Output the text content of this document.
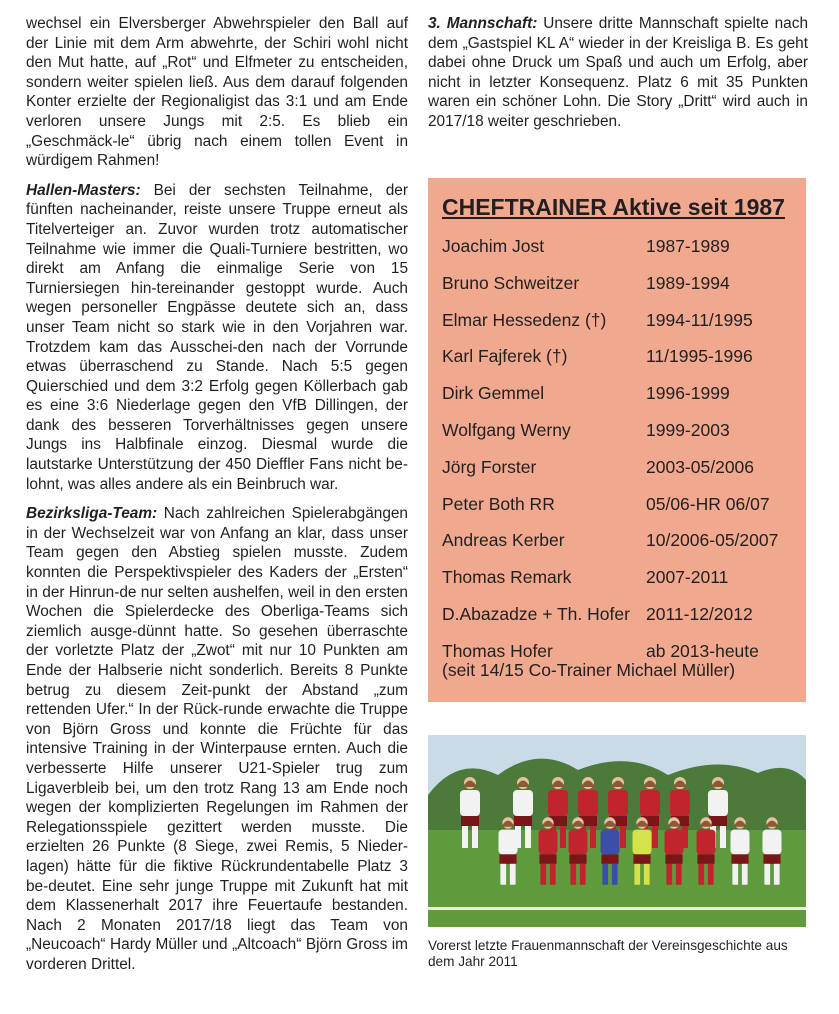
wechsel ein Elversberger Abwehrspieler den Ball auf der Linie mit dem Arm abwehrte, der Schiri wohl nicht den Mut hatte, auf „Rot“ und Elfmeter zu entscheiden, sondern weiter spielen ließ. Aus dem darauf folgenden Konter erzielte der Regionaligist das 3:1 und am Ende verloren unsere Jungs mit 2:5. Es blieb ein „Geschmäck-le“ übrig nach einem tollen Event in würdigem Rahmen!

Hallen-Masters: Bei der sechsten Teilnahme, der fünften nacheinander, reiste unsere Truppe erneut als Titelverteiger an. Zuvor wurden trotz automatischer Teilnahme wie immer die Quali-Turniere bestritten, wo direkt am Anfang die einmalige Serie von 15 Turniersiegen hin-tereinander gestoppt wurde. Auch wegen personeller Engpässe deutete sich an, dass unser Team nicht so stark wie in den Vorjahren war. Trotzdem kam das Ausschei-den nach der Vorrunde etwas überraschend zu Stande. Nach 5:5 gegen Quierschied und dem 3:2 Erfolg gegen Köllerbach gab es eine 3:6 Niederlage gegen den VfB Dillingen, der dank des besseren Torverhältnisses gegen unsere Jungs ins Halbfinale einzog. Diesmal wurde die lautstarke Unterstützung der 450 Dieffler Fans nicht be-lohnt, was alles andere als ein Beinbruch war.

Bezirksliga-Team: Nach zahlreichen Spielerabgängen in der Wechselzeit war von Anfang an klar, dass unser Team gegen den Abstieg spielen musste. Zudem konnten die Perspektivspieler des Kaders der „Ersten“ in der Hinrun-de nur selten aushelfen, weil in den ersten Wochen die Spielerdecke des Oberliga-Teams sich ziemlich ausge-dünnt hatte. So gesehen überraschte der vorletzte Platz der „Zwot“ mit nur 10 Punkten am Ende der Halbserie nicht sonderlich. Bereits 8 Punkte betrug zu diesem Zeit-punkt der Abstand „zum rettenden Ufer.“ In der Rück-runde erwachte die Truppe von Björn Gross und konnte die Früchte für das intensive Training in der Winterpause ernten. Auch die verbesserte Hilfe unserer U21-Spieler trug zum Ligaverbleib bei, um den trotz Rang 13 am Ende noch wegen der komplizierten Regelungen im Rahmen der Relegationsspiele gezittert werden musste. Die erzielten 26 Punkte (8 Siege, zwei Remis, 5 Nieder-lagen) hätte für die fiktive Rückrundentabelle Platz 3 be-deutet. Eine sehr junge Truppe mit Zukunft hat mit dem Klassenerhalt 2017 ihre Feuertaufe bestanden. Nach 2 Monaten 2017/18 liegt das Team von „Neucoach“ Hardy Müller und „Altcoach“ Björn Gross im vorderen Drittel.

3. Mannschaft: Unsere dritte Mannschaft spielte nach dem „Gastspiel KL A“ wieder in der Kreisliga B. Es geht dabei ohne Druck um Spaß und auch um Erfolg, aber nicht in letzter Konsequenz. Platz 6 mit 35 Punkten waren ein schöner Lohn. Die Story „Dritt“ wird auch in 2017/18 weiter geschrieben.

CHEFTRAINER Aktive seit 1987
Joachim Jost	1987-1989
Bruno Schweitzer	1989-1994
Elmar Hessedenz (†)	1994-11/1995
Karl Fajferek (†)	11/1995-1996
Dirk Gemmel	1996-1999
Wolfgang Werny	1999-2003
Jörg Forster	2003-05/2006
Peter Both RR	05/06-HR 06/07
Andreas Kerber	10/2006-05/2007
Thomas Remark	2007-2011
D.Abazadze + Th. Hofer 2011-12/2012
Thomas Hofer	ab 2013-heute
(seit 14/15 Co-Trainer Michael Müller)
Vorerst letzte Frauenmannschaft der Vereinsgeschichte aus dem Jahr 2011
